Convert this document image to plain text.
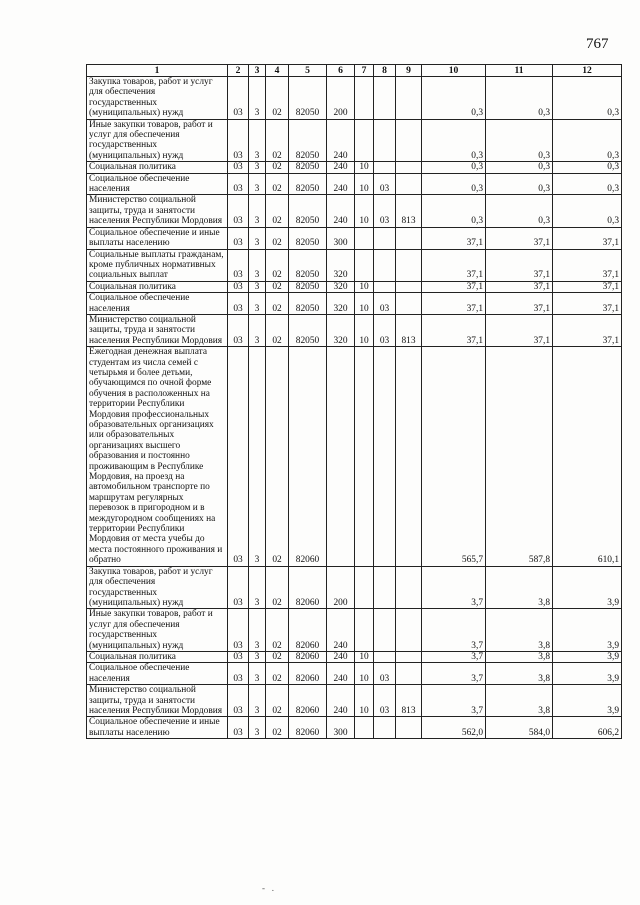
767
1	2	3	4	5	6	7	8	9	10	11	12
Закупка товаров, работ и услуг для обеспечения государственных (муниципальных) нужд	03	3	02	82050	200				0,3	0,3	0,3
Иные закупки товаров, работ и услуг для обеспечения государственных (муниципальных) нужд	03	3	02	82050	240				0,3	0,3	0,3
Социальная политика	03	3	02	82050	240	10			0,3	0,3	0,3
Социальное обеспечение населения	03	3	02	82050	240	10	03		0,3	0,3	0,3
Министерство социальной защиты, труда и занятости населения Республики Мордовия	03	3	02	82050	240	10	03	813	0,3	0,3	0,3
Социальное обеспечение и иные выплаты населению	03	3	02	82050	300				37,1	37,1	37,1
Социальные выплаты гражданам, кроме публичных нормативных социальных выплат	03	3	02	82050	320				37,1	37,1	37,1
Социальная политика	03	3	02	82050	320	10			37,1	37,1	37,1
Социальное обеспечение населения	03	3	02	82050	320	10	03		37,1	37,1	37,1
Министерство социальной защиты, труда и занятости населения Республики Мордовия	03	3	02	82050	320	10	03	813	37,1	37,1	37,1
Ежегодная денежная выплата студентам из числа семей с четырьмя и более детьми, обучающимся по очной форме обучения в расположенных на территории Республики Мордовия профессиональных образовательных организациях или образовательных организациях высшего образования и постоянно проживающим в Республике Мордовия, на проезд на автомобильном транспорте по маршрутам регулярных перевозок в пригородном и в междугородном сообщениях на территории Республики Мордовия от места учебы до места постоянного проживания и обратно	03	3	02	82060					565,7	587,8	610,1
Закупка товаров, работ и услуг для обеспечения государственных (муниципальных) нужд	03	3	02	82060	200				3,7	3,8	3,9
Иные закупки товаров, работ и услуг для обеспечения государственных (муниципальных) нужд	03	3	02	82060	240				3,7	3,8	3,9
Социальная политика	03	3	02	82060	240	10			3,7	3,8	3,9
Социальное обеспечение населения	03	3	02	82060	240	10	03		3,7	3,8	3,9
Министерство социальной защиты, труда и занятости населения Республики Мордовия	03	3	02	82060	240	10	03	813	3,7	3,8	3,9
Социальное обеспечение и иные выплаты населению	03	3	02	82060	300				562,0	584,0	606,2
-   .
